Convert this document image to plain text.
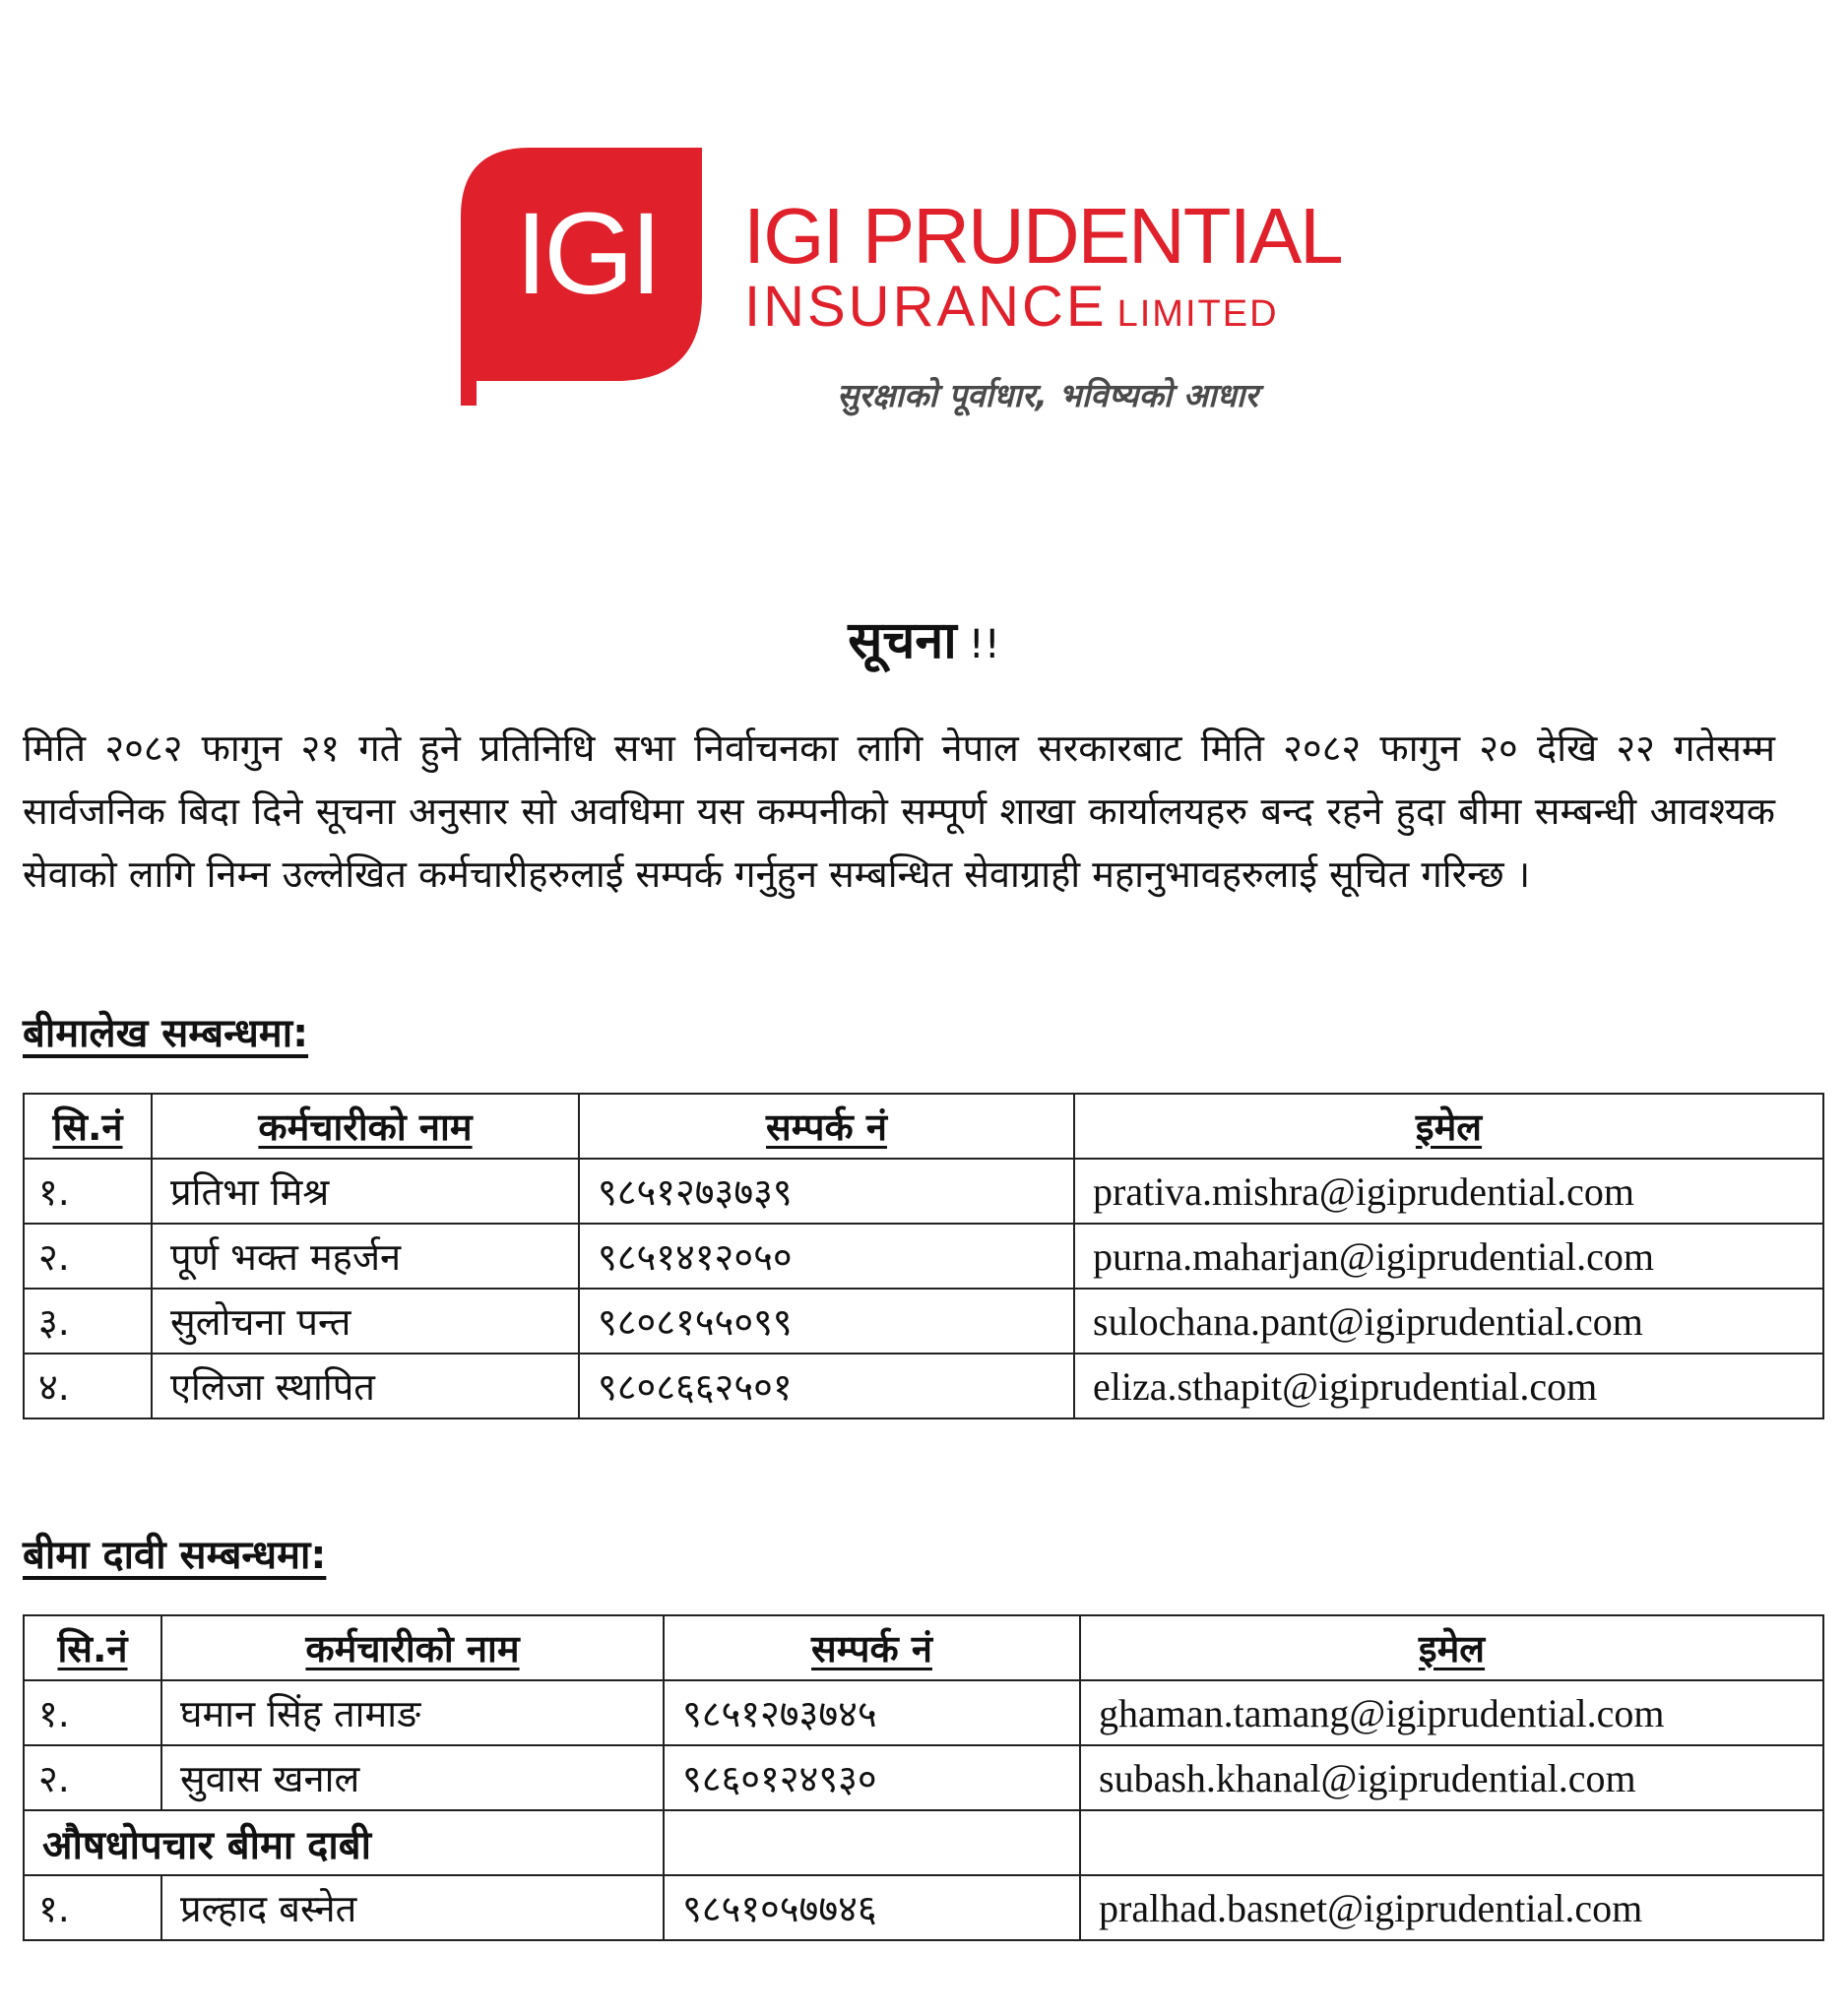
IGI IGI PRUDENTIAL
INSURANCE LIMITED
सुरक्षाको पूर्वाधार, भविष्यको आधार
सूचना !!
मिति २०८२ फागुन २१ गते हुने प्रतिनिधि सभा निर्वाचनका लागि नेपाल सरकारबाट मिति २०८२ फागुन २० देखि २२ गतेसम्म सार्वजनिक बिदा दिने सूचना अनुसार सो अवधिमा यस कम्पनीको सम्पूर्ण शाखा कार्यालयहरु बन्द रहने हुदा बीमा सम्बन्धी आवश्यक सेवाको लागि निम्न उल्लेखित कर्मचारीहरुलाई सम्पर्क गर्नुहुन सम्बन्धित सेवाग्राही महानुभावहरुलाई सूचित गरिन्छ ।
बीमालेख सम्बन्धमा:
सि.नं	कर्मचारीको नाम	सम्पर्क नं	इमेल
१.	प्रतिभा मिश्र	९८५१२७३७३९	prativa.mishra@igiprudential.com
२.	पूर्ण भक्त महर्जन	९८५१४१२०५०	purna.maharjan@igiprudential.com
३.	सुलोचना पन्त	९८०८१५५०९९	sulochana.pant@igiprudential.com
४.	एलिजा स्थापित	९८०८६६२५०१	eliza.sthapit@igiprudential.com
बीमा दावी सम्बन्धमा:
सि.नं	कर्मचारीको नाम	सम्पर्क नं	इमेल
१.	घमान सिंह तामाङ	९८५१२७३७४५	ghaman.tamang@igiprudential.com
२.	सुवास खनाल	९८६०१२४९३०	subash.khanal@igiprudential.com
औषधोपचार बीमा दाबी			
१.	प्रल्हाद बस्नेत	९८५१०५७७४६	pralhad.basnet@igiprudential.com
